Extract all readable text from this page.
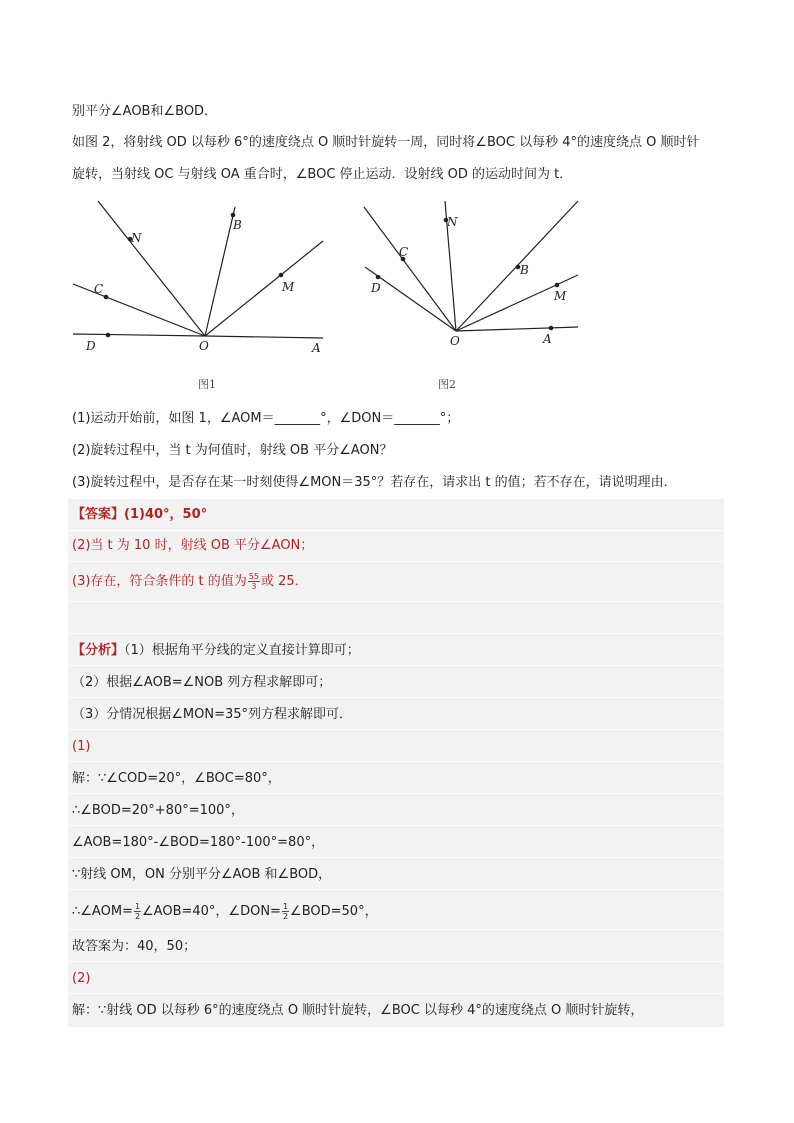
别平分∠AOB和∠BOD．
如图 2，将射线 OD 以每秒 6°的速度绕点 O 顺时针旋转一周，同时将∠BOC 以每秒 4°的速度绕点 O 顺时针
旋转，当射线 OC 与射线 OA 重合时，∠BOC 停止运动．设射线 OD 的运动时间为 t．
N
B
C	M
D	O	A
图1
C
N
D
B
M
O	A
图2
(1)运动开始前，如图 1，∠AOM＝_______°，∠DON＝_______°；
(2)旋转过程中，当 t 为何值时，射线 OB 平分∠AON？
(3)旋转过程中，是否存在某一时刻使得∠MON＝35°？若存在，请求出 t 的值；若不存在，请说明理由．
【答案】(1)40°，50°
(2)当 t 为 10 时，射线 OB 平分∠AON；
(3)存在，符合条件的 t 的值为 $\frac{55}{3}$ 或 25．
【分析】（1）根据角平分线的定义直接计算即可；
（2）根据∠AOB=∠NOB 列方程求解即可；
（3）分情况根据∠MON=35°列方程求解即可．
(1)
解：∵∠COD=20°，∠BOC=80°，
∴∠BOD=20°+80°=100°，
∠AOB=180°-∠BOD=180°-100°=80°，
∵射线 OM，ON 分别平分∠AOB 和∠BOD，
∴∠AOM= $\frac{1}{2}$ ∠AOB=40°，∠DON= $\frac{1}{2}$ ∠BOD=50°，
故答案为：40，50；
(2)
解：∵射线 OD 以每秒 6°的速度绕点 O 顺时针旋转，∠BOC 以每秒 4°的速度绕点 O 顺时针旋转，
